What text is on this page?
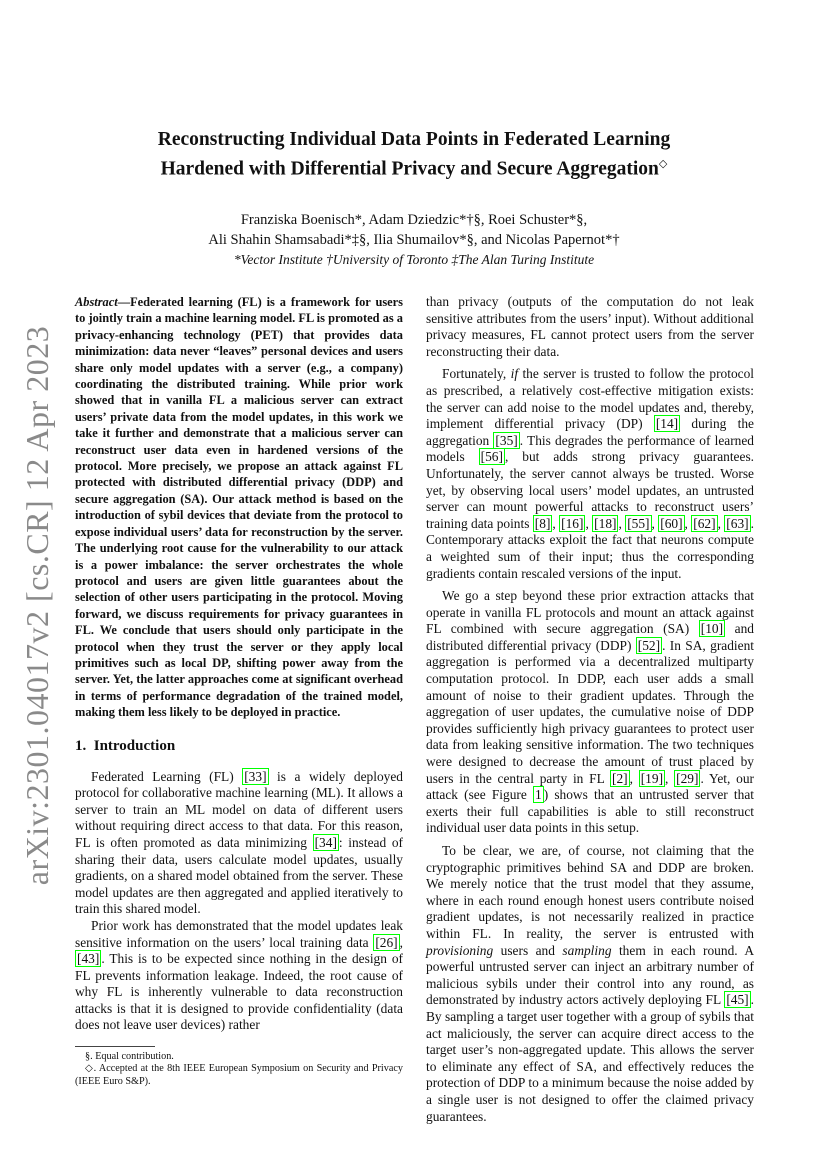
arXiv:2301.04017v2 [cs.CR] 12 Apr 2023
Reconstructing Individual Data Points in Federated Learning
Hardened with Differential Privacy and Secure Aggregation◇
Franziska Boenisch*, Adam Dziedzic*†§, Roei Schuster*§,
Ali Shahin Shamsabadi*‡§, Ilia Shumailov*§, and Nicolas Papernot*†
*Vector Institute †University of Toronto ‡The Alan Turing Institute

Abstract—Federated learning (FL) is a framework for users to jointly train a machine learning model. FL is promoted as a privacy-enhancing technology (PET) that provides data minimization: data never “leaves” personal devices and users share only model updates with a server (e.g., a company) coordinating the distributed training. While prior work showed that in vanilla FL a malicious server can extract users’ private data from the model updates, in this work we take it further and demonstrate that a malicious server can reconstruct user data even in hardened versions of the protocol. More precisely, we propose an attack against FL protected with distributed differential privacy (DDP) and secure aggregation (SA). Our attack method is based on the introduction of sybil devices that deviate from the protocol to expose individual users’ data for reconstruction by the server. The underlying root cause for the vulnerability to our attack is a power imbalance: the server orchestrates the whole protocol and users are given little guarantees about the selection of other users participating in the protocol. Moving forward, we discuss requirements for privacy guarantees in FL. We conclude that users should only participate in the protocol when they trust the server or they apply local primitives such as local DP, shifting power away from the server. Yet, the latter approaches come at significant overhead in terms of performance degradation of the trained model, making them less likely to be deployed in practice.

1. Introduction

Federated Learning (FL) [33] is a widely deployed protocol for collaborative machine learning (ML). It allows a server to train an ML model on data of different users without requiring direct access to that data. For this reason, FL is often promoted as data minimizing [34] : instead of sharing their data, users calculate model updates, usually gradients, on a shared model obtained from the server. These model updates are then aggregated and applied iteratively to train this shared model.

Prior work has demonstrated that the model updates leak sensitive information on the users’ local training data [26] , [43] . This is to be expected since nothing in the design of FL prevents information leakage. Indeed, the root cause of why FL is inherently vulnerable to data reconstruction attacks is that it is designed to provide confidentiality (data does not leave user devices) rather

§. Equal contribution.

◇. Accepted at the 8th IEEE European Symposium on Security and Privacy (IEEE Euro S&P).

than privacy (outputs of the computation do not leak sensitive attributes from the users’ input). Without additional privacy measures, FL cannot protect users from the server reconstructing their data.

Fortunately, if the server is trusted to follow the protocol as prescribed, a relatively cost-effective mitigation exists: the server can add noise to the model updates and, thereby, implement differential privacy (DP) [14] during the aggregation [35] . This degrades the performance of learned models [56] , but adds strong privacy guarantees. Unfortunately, the server cannot always be trusted. Worse yet, by observing local users’ model updates, an untrusted server can mount powerful attacks to reconstruct users’ training data points [8] , [16] , [18] , [55] , [60] , [62] , [63] . Contemporary attacks exploit the fact that neurons compute a weighted sum of their input; thus the corresponding gradients contain rescaled versions of the input.

We go a step beyond these prior extraction attacks that operate in vanilla FL protocols and mount an attack against FL combined with secure aggregation (SA) [10] and distributed differential privacy (DDP) [52] . In SA, gradient aggregation is performed via a decentralized multiparty computation protocol. In DDP, each user adds a small amount of noise to their gradient updates. Through the aggregation of user updates, the cumulative noise of DDP provides sufficiently high privacy guarantees to protect user data from leaking sensitive information. The two techniques were designed to decrease the amount of trust placed by users in the central party in FL [2] , [19] , [29] . Yet, our attack (see Figure 1 ) shows that an untrusted server that exerts their full capabilities is able to still reconstruct individual user data points in this setup.

To be clear, we are, of course, not claiming that the cryptographic primitives behind SA and DDP are broken. We merely notice that the trust model that they assume, where in each round enough honest users contribute noised gradient updates, is not necessarily realized in practice within FL. In reality, the server is entrusted with provisioning users and sampling them in each round. A powerful untrusted server can inject an arbitrary number of malicious sybils under their control into any round, as demonstrated by industry actors actively deploying FL [45] . By sampling a target user together with a group of sybils that act maliciously, the server can acquire direct access to the target user’s non-aggregated update. This allows the server to eliminate any effect of SA, and effectively reduces the protection of DDP to a minimum because the noise added by a single user is not designed to offer the claimed privacy guarantees.
